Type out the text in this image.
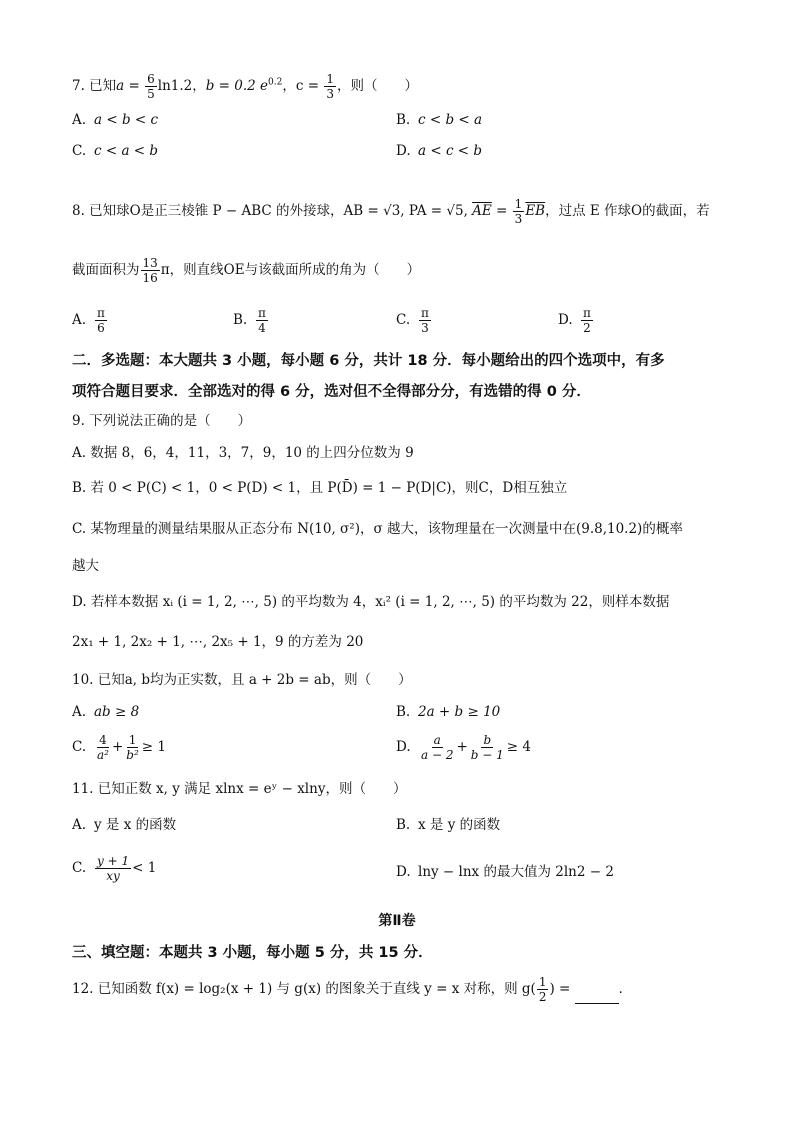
7. 已知$a = \frac{6}{5} \ln 1.2$，b = 0.2 $e^{0.2}$，$c = \frac{1}{3}$ ，则（　　）
A. a < b < c	B. c < b < a
C. c < a < b	D. a < c < b
8. 已知球O是正三棱锥 P − ABC 的外接球，AB = √3, PA = √5, $\overline{AE} = \frac{1}{3} \overline{EB}$，过点 E 作球O的截面，若
截面面积为 $\frac{13}{16}$ π，则直线OE与该截面所成的角为（　　）
A. $\frac{\pi}{6}$	B. $\frac{\pi}{4}$	C. $\frac{\pi}{3}$	D. $\frac{\pi}{2}$
二．多选题：本大题共 3 小题，每小题 6 分，共计 18 分．每小题给出的四个选项中，有多
项符合题目要求．全部选对的得 6 分，选对但不全得部分分，有选错的得 0 分．
9. 下列说法正确的是（　　）
A. 数据 8，6，4，11，3，7，9，10 的上四分位数为 9
B. 若 0 < P(C) < 1，0 < P(D) < 1，且 P(D̄) = 1 − P(D|C)，则C，D相互独立
C. 某物理量的测量结果服从正态分布 N(10, σ²)，σ 越大，该物理量在一次测量中在(9.8,10.2)的概率
越大
D. 若样本数据 xᵢ (i = 1, 2, ⋯, 5) 的平均数为 4，xᵢ² (i = 1, 2, ⋯, 5) 的平均数为 22，则样本数据
2x₁ + 1, 2x₂ + 1, ⋯, 2x₅ + 1，9 的方差为 20
10. 已知a, b均为正实数，且 a + 2b = ab，则（　　）
A. ab ≥ 8	B. 2a + b ≥ 10
C. $\frac{4}{\text{a²}} + \frac{1}{\text{b²}} \ge 1$	D. $\frac{a}{a - 2} + \frac{b}{b - 1} \ge 4$
11. 已知正数 x, y 满足 xlnx = eʸ − xlny，则（　　）
A. y 是 x 的函数	B. x 是 y 的函数
C. $\frac{y + 1}{xy} < 1$	D. lny − lnx 的最大值为 2ln2 − 2
第Ⅱ卷
三、填空题：本题共 3 小题，每小题 5 分，共 15 分．
12. 已知函数 f(x) = log₂(x + 1) 与 g(x) 的图象关于直线 y = x 对称，则 $g( \frac{1}{2}$ ) =	．
